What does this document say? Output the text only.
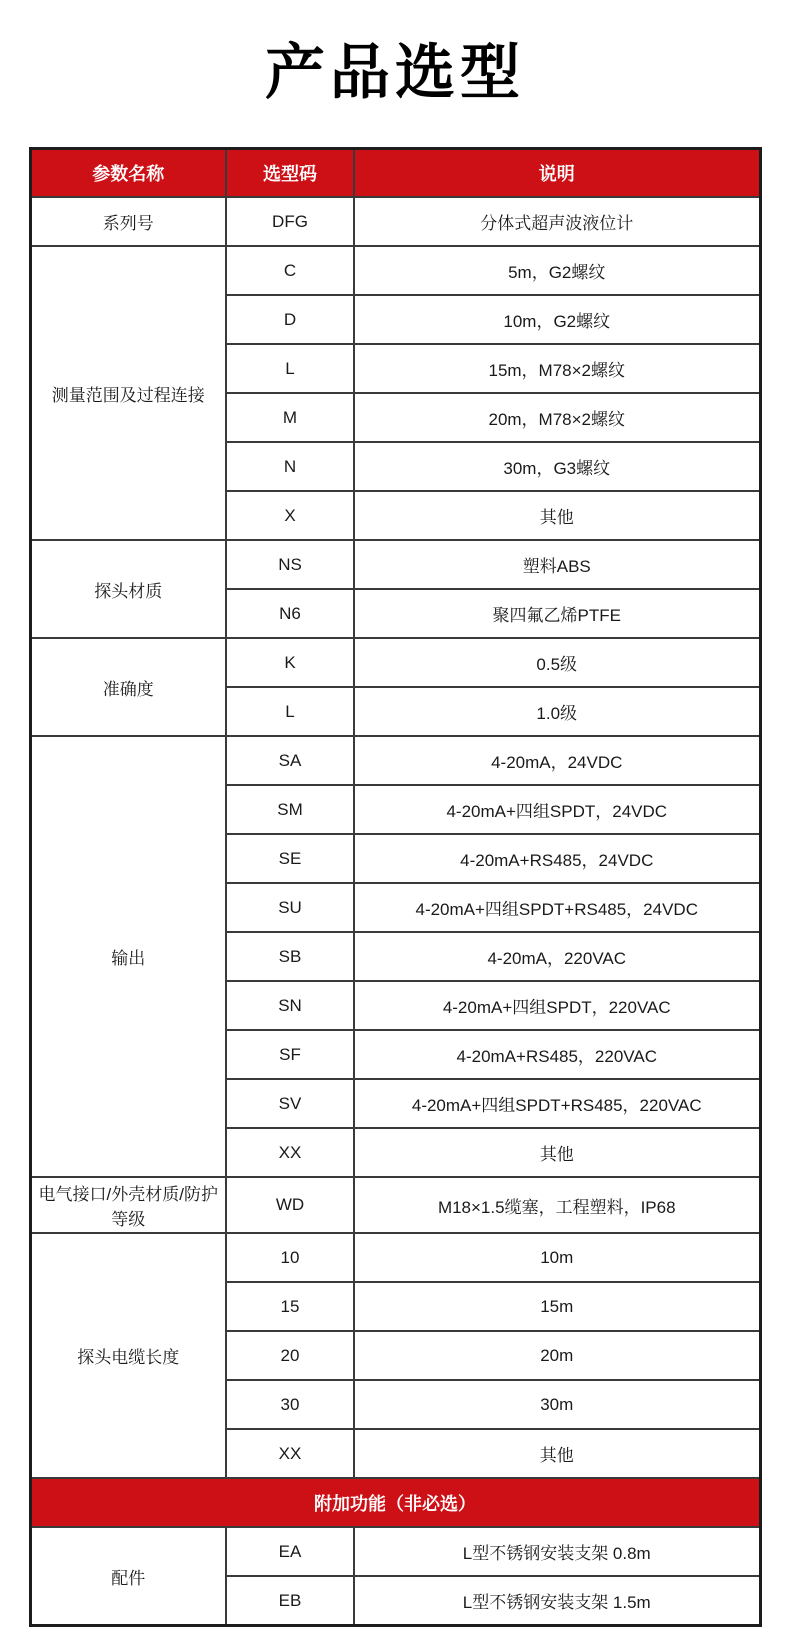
产品选型
参数名称	选型码	说明
系列号	DFG	分体式超声波液位计
测量范围及过程连接	C	5m，G2螺纹
	D	10m，G2螺纹
	L	15m，M78×2螺纹
	M	20m，M78×2螺纹
	N	30m，G3螺纹
	X	其他
探头材质	NS	塑料ABS
	N6	聚四氟乙烯PTFE
准确度	K	0.5级
	L	1.0级
输出	SA	4-20mA，24VDC
	SM	4-20mA+四组SPDT，24VDC
	SE	4-20mA+RS485，24VDC
	SU	4-20mA+四组SPDT+RS485，24VDC
	SB	4-20mA，220VAC
	SN	4-20mA+四组SPDT，220VAC
	SF	4-20mA+RS485，220VAC
	SV	4-20mA+四组SPDT+RS485，220VAC
	XX	其他
电气接口/外壳材质/防护等级	WD	M18×1.5缆塞，工程塑料，IP68
探头电缆长度	10	10m
	15	15m
	20	20m
	30	30m
	XX	其他
附加功能（非必选）		
配件	EA	L型不锈钢安装支架 0.8m
	EB	L型不锈钢安装支架 1.5m
